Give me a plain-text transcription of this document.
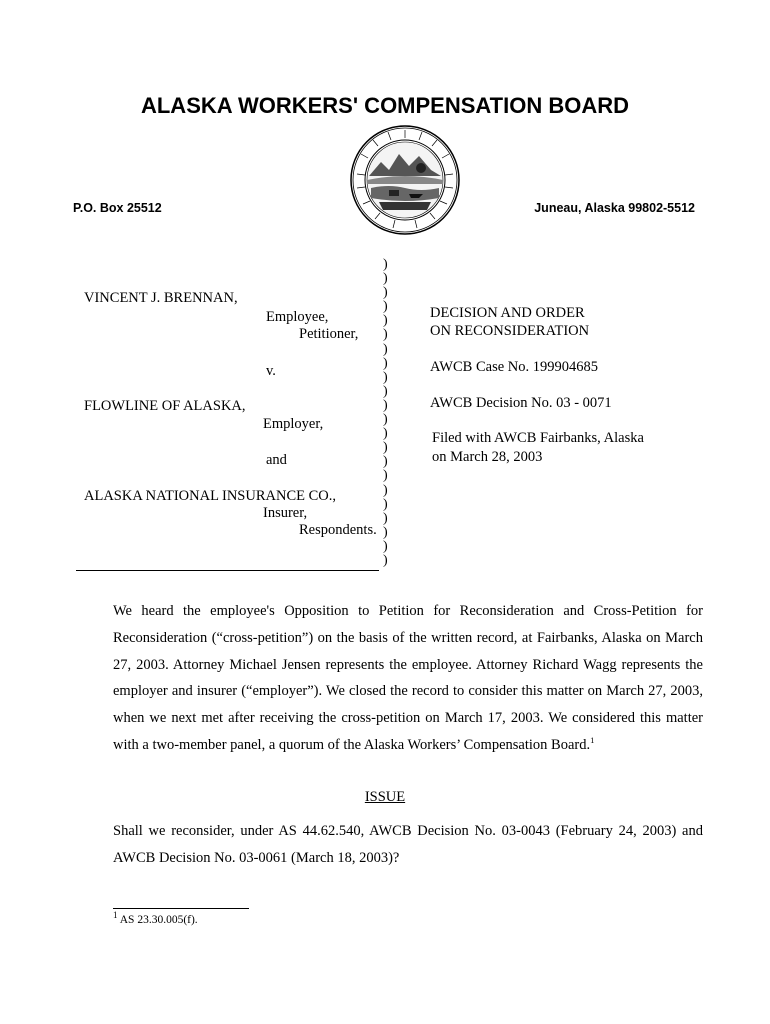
ALASKA WORKERS' COMPENSATION BOARD
P.O. Box 25512	Juneau, Alaska 99802-5512
VINCENT J. BRENNAN,
Employee,
Petitioner,
v.
FLOWLINE OF ALASKA,
Employer,
and
ALASKA NATIONAL INSURANCE CO.,
Insurer,
Respondents.
)
)
)
)
)
)
)
)
)
)
)
)
)
)
)
)
)
)
)
)
)
)
DECISION AND ORDER
ON RECONSIDERATION
AWCB Case No. 199904685
AWCB Decision No. 03 - 0071
Filed with AWCB Fairbanks, Alaska
on March 28, 2003
We heard the employee's Opposition to Petition for Reconsideration and Cross-Petition for Reconsideration (“cross-petition”) on the basis of the written record, at Fairbanks, Alaska on March 27, 2003. Attorney Michael Jensen represents the employee. Attorney Richard Wagg represents the employer and insurer (“employer”). We closed the record to consider this matter on March 27, 2003, when we next met after receiving the cross-petition on March 17, 2003. We considered this matter with a two-member panel, a quorum of the Alaska Workers’ Compensation Board.$^1$
ISSUE
Shall we reconsider, under AS 44.62.540, AWCB Decision No. 03-0043 (February 24, 2003) and AWCB Decision No. 03-0061 (March 18, 2003)?
$^1$ AS 23.30.005(f).
